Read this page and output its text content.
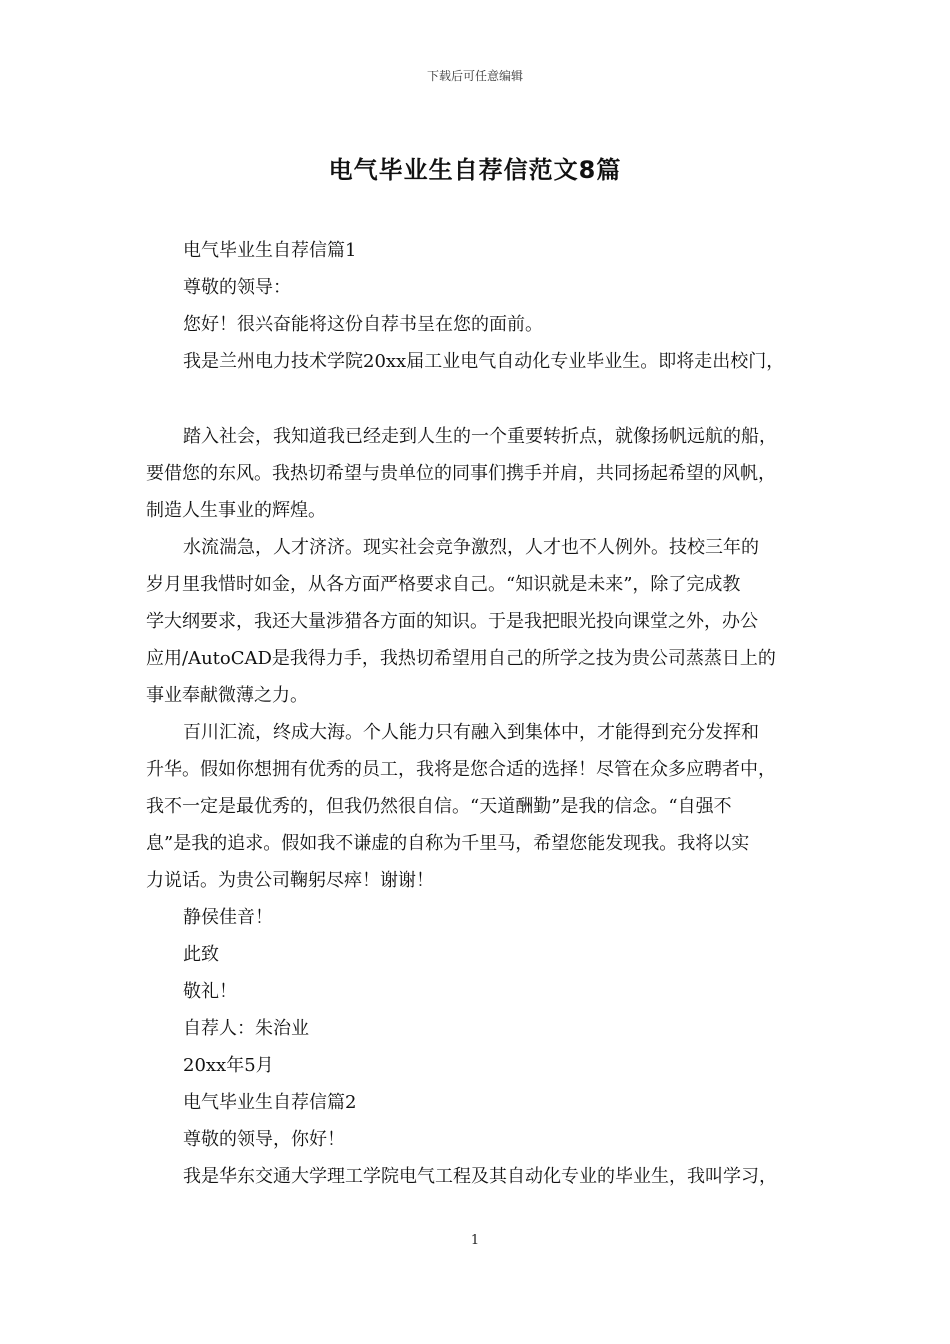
下载后可任意编辑
电气毕业生自荐信范文8篇
电气毕业生自荐信篇1
尊敬的领导：
您好！很兴奋能将这份自荐书呈在您的面前。
我是兰州电力技术学院20xx届工业电气自动化专业毕业生。即将走出校门，
踏入社会，我知道我已经走到人生的一个重要转折点，就像扬帆远航的船，
要借您的东风。我热切希望与贵单位的同事们携手并肩，共同扬起希望的风帆，
制造人生事业的辉煌。
水流湍急，人才济济。现实社会竞争激烈，人才也不人例外。技校三年的
岁月里我惜时如金，从各方面严格要求自己。“知识就是未来”，除了完成教
学大纲要求，我还大量涉猎各方面的知识。于是我把眼光投向课堂之外，办公
应用/AutoCAD是我得力手，我热切希望用自己的所学之技为贵公司蒸蒸日上的
事业奉献微薄之力。
百川汇流，终成大海。个人能力只有融入到集体中，才能得到充分发挥和
升华。假如你想拥有优秀的员工，我将是您合适的选择！尽管在众多应聘者中，
我不一定是最优秀的，但我仍然很自信。“天道酬勤”是我的信念。“自强不
息”是我的追求。假如我不谦虚的自称为千里马，希望您能发现我。我将以实
力说话。为贵公司鞠躬尽瘁！谢谢！
静侯佳音！
此致
敬礼！
自荐人：朱治业
20xx年5月
电气毕业生自荐信篇2
尊敬的领导，你好！
我是华东交通大学理工学院电气工程及其自动化专业的毕业生，我叫学习，
1
